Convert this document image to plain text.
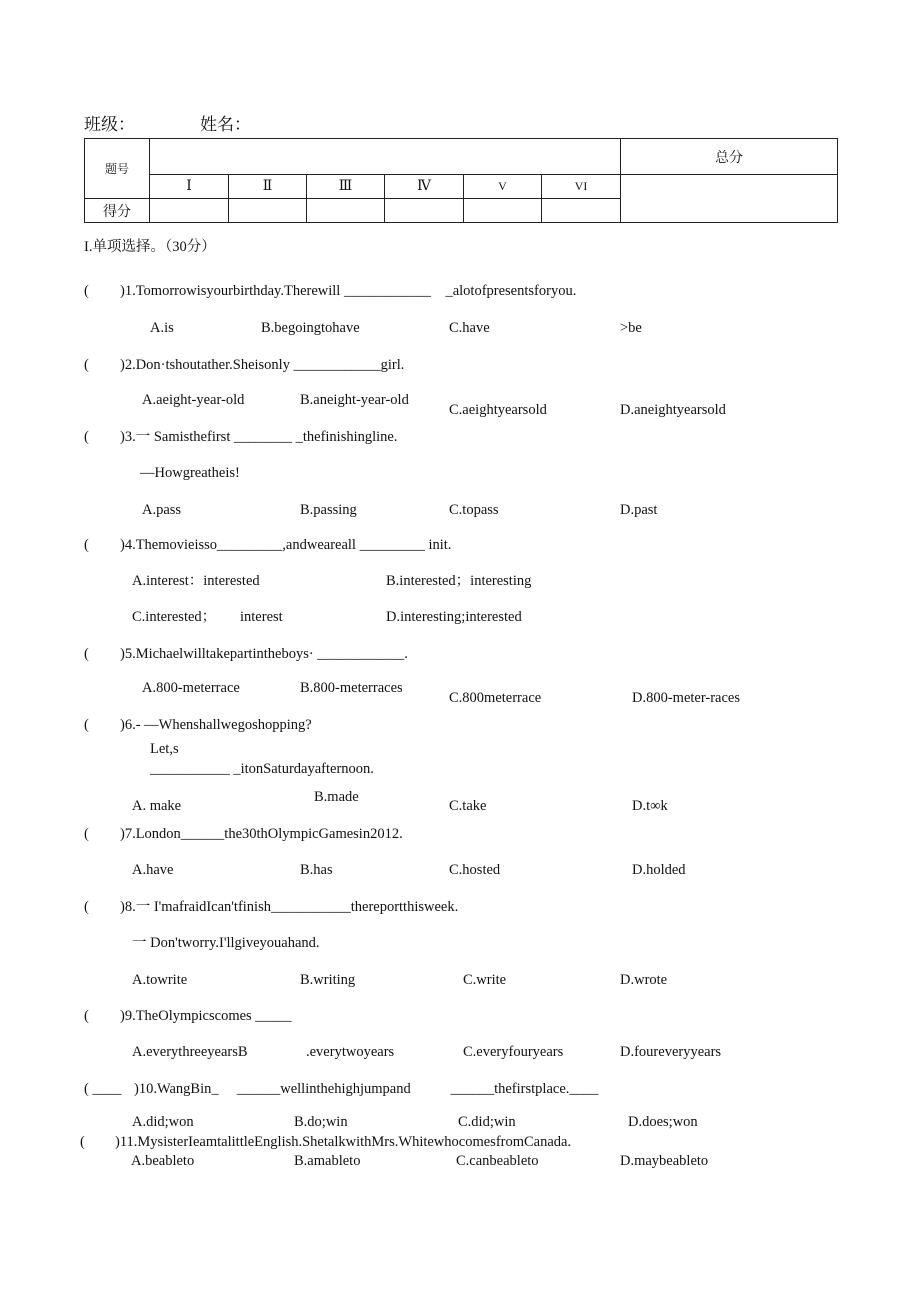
班级：	姓名：
题号							总分
	Ⅰ	Ⅱ	Ⅲ	Ⅳ	V	VI	
得分							
I.单项选择。（30分）
( )1.Tomorrowisyourbirthday.Therewill ____________    _alotofpresentsforyou.
A.is	B.begoingtohave	C.have	>be
( )2.Don·tshoutather.Sheisonly ____________girl.
A.aeight-year-old	B.aneight-year-old
C.aeightyearsold	D.aneightyearsold
( )3.一 Samisthefirst ________ _thefinishingline.
—Howgreatheis!
A.pass	B.passing	C.topass	D.past
( )4.Themovieisso_________,andweareall _________ init.
A.interest：interested	B.interested；interesting
C.interested； interest	D.interesting;interested
( )5.Michaelwilltakepartintheboys· ____________.
A.800-meterrace	B.800-meterraces
C.800meterrace	D.800-meter-races
( )6.- —Whenshallwegoshopping?
Let,s
___________ _itonSaturdayafternoon.
A. make
B.made
C.take	D.t∞k
( )7.London______the30thOlympicGamesin2012.
A.have	B.has	C.hosted	D.holded
( )8.一 I'mafraidIcan'tfinish___________thereportthisweek.
一 Don'tworry.I'llgiveyouahand.
A.towrite	B.writing	C.write	D.wrote
( )9.TheOlympicscomes _____
A.everythreeyearsB	.everytwoyears	C.everyfouryears	D.foureveryyears
( ____ )10.WangBin_     ______wellinthehighjumpand           ______thefirstplace.____
A.did;won	B.do;win	C.did;win	D.does;won
( )11.MysisterIeamtalittleEnglish.ShetalkwithMrs.WhitewhocomesfromCanada.
A.beableto	B.amableto	C.canbeableto	D.maybeableto
